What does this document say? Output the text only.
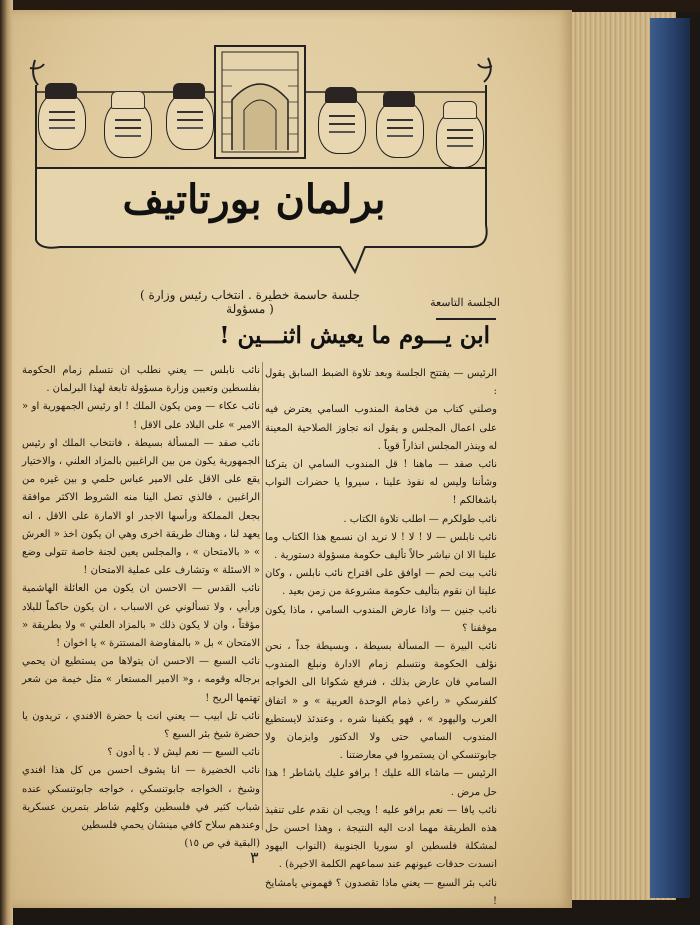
برلمان بورتاتيف
( جلسة حاسمة خطيرة . انتخاب رئيس وزارة مسؤولة )	الجلسة التاسعة
ابن يـــوم ما يعيش اثنـــين !

الرئيس — يفتتح الجلسة وبعد تلاوة الضبط السابق يقول :

وصلني كتاب من فخامة المندوب السامي يعترض فيه على اعمال المجلس و يقول انه تجاوز الصلاحية المعينة له وينذر المجلس انذاراً قوياً .

نائب صفد — ماهنا ! قل المندوب السامي ان يتركنا وشأننا وليس له نفوذ علينا ، سيروا يا حضرات النواب باشغالكم !

نائب طولكرم — اطلب تلاوة الكتاب .

نائب نابلس — لا ! لا ! لا نريد ان نسمع هذا الكتاب وما علينا الا ان نباشر حالاً تأليف حكومة مسؤولة دستورية .

نائب بيت لحم — اوافق على اقتراح نائب نابلس ، وكان علينا ان نقوم بتأليف حكومة مشروعة من زمن بعيد .

نائب جنين — واذا عارض المندوب السامي ، ماذا يكون موقفنا ؟

نائب البيرة — المسألة بسيطة ، وبسيطة جداً ، نحن نؤلف الحكومة ونتسلم زمام الادارة ونبلغ المندوب السامي فان عارض بذلك ، فنرفع شكوانا الى الخواجه كلفرسكي « راعي ذمام الوحدة العربية » و « اتفاق العرب واليهود » ، فهو يكفينا شره ، وعندئذ لايستطيع المندوب السامي حتى ولا الدكتور وايزمان ولا جابوتنسكي ان يستمروا في معارضتنا .

الرئيس — ماشاء الله عليك ! برافو عليك ياشاطر ! هذا حل مرض .

نائب يافا — نعم برافو عليه ! ويجب ان نقدم على تنفيذ هذه الطريقة مهما ادت اليه النتيجة ، وهذا احسن حل لمشكلة فلسطين او سوريا الجنوبية (النواب اليهود انسدت حدقات عيونهم عند سماعهم الكلمة الاخيرة) .

نائب بئر السبع — يعني ماذا تقصدون ؟ فهموني يامشايخ !

نائب نابلس — يعني نطلب ان نتسلم زمام الحكومة بفلسطين وتعيين وزارة مسؤولة تابعة لهذا البرلمان .

نائب عكاء — ومن يكون الملك ! او رئيس الجمهورية او « الامير » على البلاد على الاقل !

نائب صفد — المسألة بسيطة ، فانتخاب الملك او رئيس الجمهورية يكون من بين الراغبين بالمزاد العلني ، والاختيار يقع على الاقل على الامير عباس حلمي و بين غيره من الراغبين ، فالذي تصل الينا منه الشروط الاكثر موافقة بجعل المملكة ورأسها الاجدر او الامارة على الاقل ، انه يعهد لنا ، وهناك طريقة اخرى وهي ان يكون اخذ « العرش » « بالامتحان » ، والمجلس يعين لجنة خاصة تتولى وضع « الاسئلة » وتشارف على عملية الامتحان !

نائب القدس — الاحسن ان يكون من العائلة الهاشمية ورأيي ، ولا تسألوني عن الاسباب ، ان يكون حاكماً للبلاد مؤقتاً ، وان لا يكون ذلك « بالمزاد العلني » ولا بطريقة « الامتحان » بل « بالمفاوضة المستترة » يا اخوان !

نائب السبع — الاحسن ان يتولاها من يستطيع ان يحمي برجاله وقومه ، و« الامير المستعار » مثل خيمة من شعر تهتمها الريح !

نائب تل ابيب — يعني انت يا حضرة الافندي ، تريدون يا حضرة شيخ بئر السبع ؟

نائب السبع — نعم ليش لا . يا أدون ؟

نائب الخضيرة — انا يشوف احسن من كل هذا افندي وشيخ ، الخواجه جابوتنسكي ، خواجه جابوتنسكي عنده شباب كثير في فلسطين وكلهم شاطر بتمرين عسكرية وعندهم سلاح كافي مينشان يحمي فلسطين

(البقية في ص ١٥)

٣
